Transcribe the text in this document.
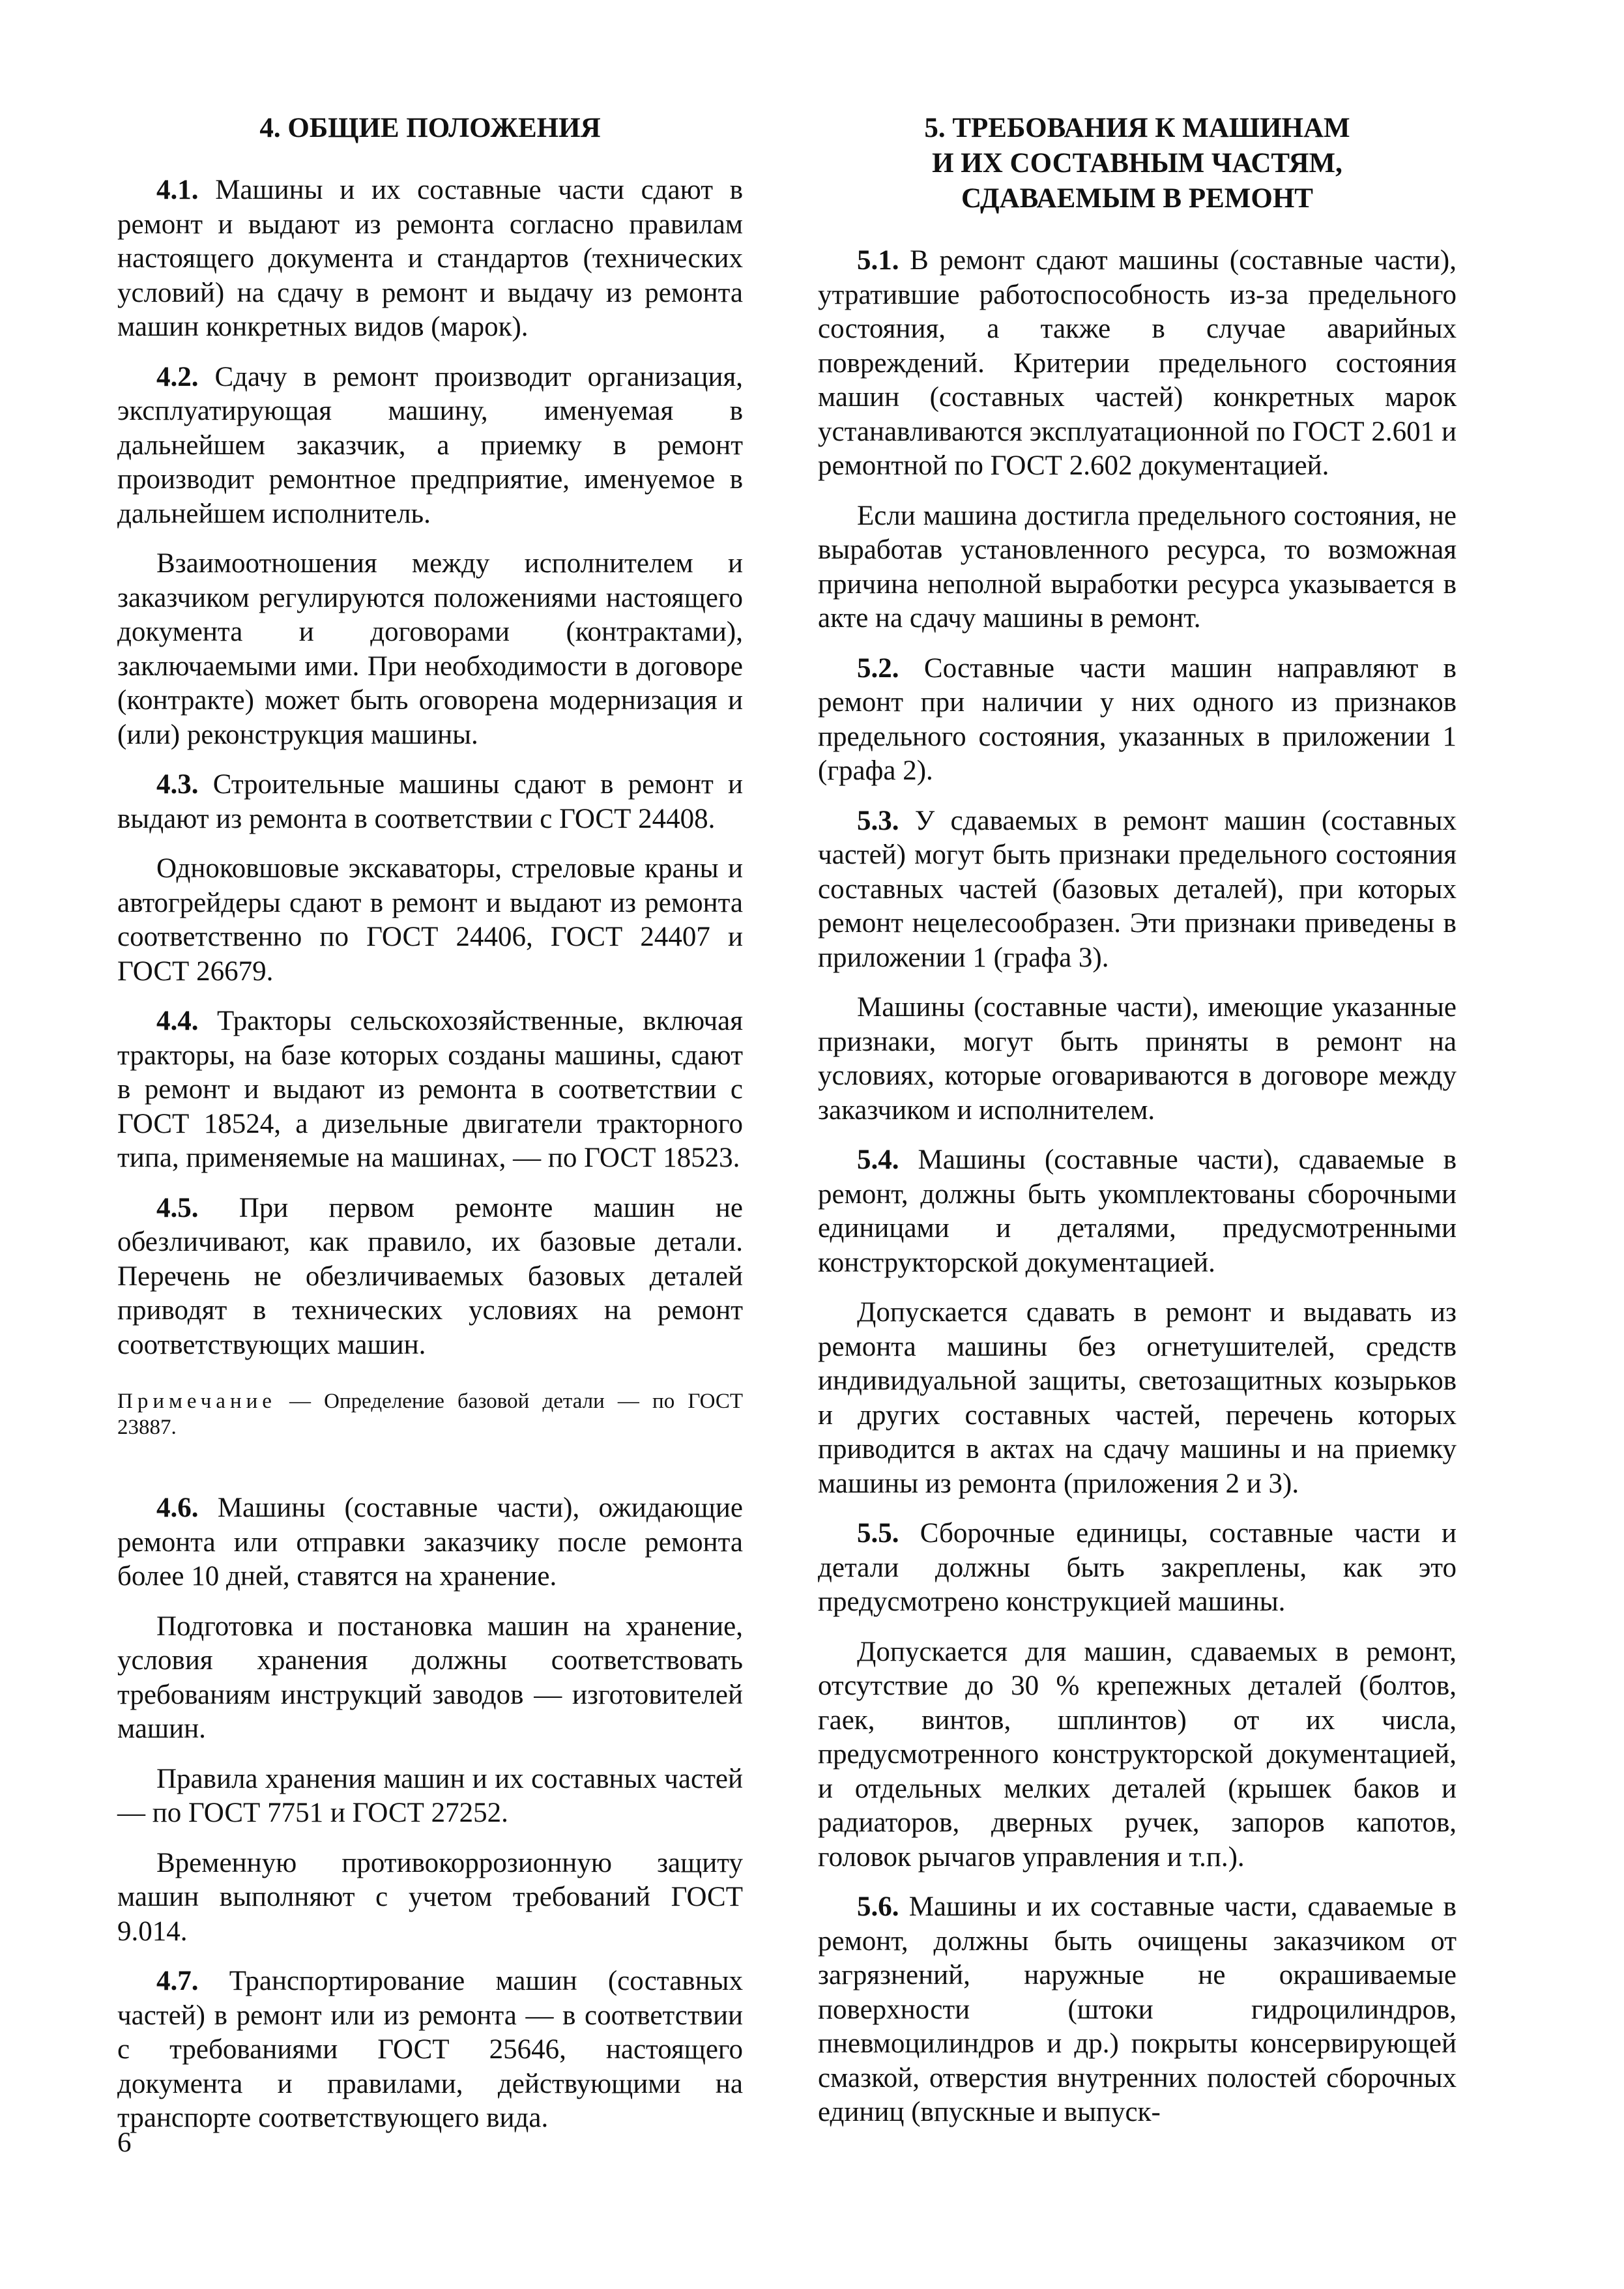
4. ОБЩИЕ ПОЛОЖЕНИЯ

4.1. Машины и их составные части сдают в ремонт и выдают из ремонта согласно правилам настоящего документа и стандартов (технических условий) на сдачу в ремонт и выдачу из ремонта машин конкретных видов (марок).

4.2. Сдачу в ремонт производит организация, эксплуатирующая машину, именуемая в дальнейшем заказчик, а приемку в ремонт производит ремонтное предприятие, именуемое в дальнейшем исполнитель.

Взаимоотношения между исполнителем и заказчиком регулируются положениями настоящего документа и договорами (контрактами), заключаемыми ими. При необходимости в договоре (контракте) может быть оговорена модернизация и (или) реконструкция машины.

4.3. Строительные машины сдают в ремонт и выдают из ремонта в соответствии с ГОСТ 24408.

Одноковшовые экскаваторы, стреловые краны и автогрейдеры сдают в ремонт и выдают из ремонта соответственно по ГОСТ 24406, ГОСТ 24407 и ГОСТ 26679.

4.4. Тракторы сельскохозяйственные, включая тракторы, на базе которых созданы машины, сдают в ремонт и выдают из ремонта в соответствии с ГОСТ 18524, а дизельные двигатели тракторного типа, применяемые на машинах, — по ГОСТ 18523.

4.5. При первом ремонте машин не обезличивают, как правило, их базовые детали. Перечень не обезличиваемых базовых деталей приводят в технических условиях на ремонт соответствующих машин.

Примечание — Определение базовой детали — по ГОСТ 23887.

4.6. Машины (составные части), ожидающие ремонта или отправки заказчику после ремонта более 10 дней, ставятся на хранение.

Подготовка и постановка машин на хранение, условия хранения должны соответствовать требованиям инструкций заводов — изготовителей машин.

Правила хранения машин и их составных частей — по ГОСТ 7751 и ГОСТ 27252.

Временную противокоррозионную защиту машин выполняют с учетом требований ГОСТ 9.014.

4.7. Транспортирование машин (составных частей) в ремонт или из ремонта — в соответствии с требованиями ГОСТ 25646, настоящего документа и правилами, действующими на транспорте соответствующего вида.

5. ТРЕБОВАНИЯ К МАШИНАМ
И ИХ СОСТАВНЫМ ЧАСТЯМ,
СДАВАЕМЫМ В РЕМОНТ

5.1. В ремонт сдают машины (составные части), утратившие работоспособность из-за предельного состояния, а также в случае аварийных повреждений. Критерии предельного состояния машин (составных частей) конкретных марок устанавливаются эксплуатационной по ГОСТ 2.601 и ремонтной по ГОСТ 2.602 документацией.

Если машина достигла предельного состояния, не выработав установленного ресурса, то возможная причина неполной выработки ресурса указывается в акте на сдачу машины в ремонт.

5.2. Составные части машин направляют в ремонт при наличии у них одного из признаков предельного состояния, указанных в приложении 1 (графа 2).

5.3. У сдаваемых в ремонт машин (составных частей) могут быть признаки предельного состояния составных частей (базовых деталей), при которых ремонт нецелесообразен. Эти признаки приведены в приложении 1 (графа 3).

Машины (составные части), имеющие указанные признаки, могут быть приняты в ремонт на условиях, которые оговариваются в договоре между заказчиком и исполнителем.

5.4. Машины (составные части), сдаваемые в ремонт, должны быть укомплектованы сборочными единицами и деталями, предусмотренными конструкторской документацией.

Допускается сдавать в ремонт и выдавать из ремонта машины без огнетушителей, средств индивидуальной защиты, светозащитных козырьков и других составных частей, перечень которых приводится в актах на сдачу машины и на приемку машины из ремонта (приложения 2 и 3).

5.5. Сборочные единицы, составные части и детали должны быть закреплены, как это предусмотрено конструкцией машины.

Допускается для машин, сдаваемых в ремонт, отсутствие до 30 % крепежных деталей (болтов, гаек, винтов, шплинтов) от их числа, предусмотренного конструкторской документацией, и отдельных мелких деталей (крышек баков и радиаторов, дверных ручек, запоров капотов, головок рычагов управления и т.п.).

5.6. Машины и их составные части, сдаваемые в ремонт, должны быть очищены заказчиком от загрязнений, наружные не окрашиваемые поверхности (штоки гидроцилиндров, пневмоцилиндров и др.) покрыты консервирующей смазкой, отверстия внутренних полостей сборочных единиц (впускные и выпуск-

6
